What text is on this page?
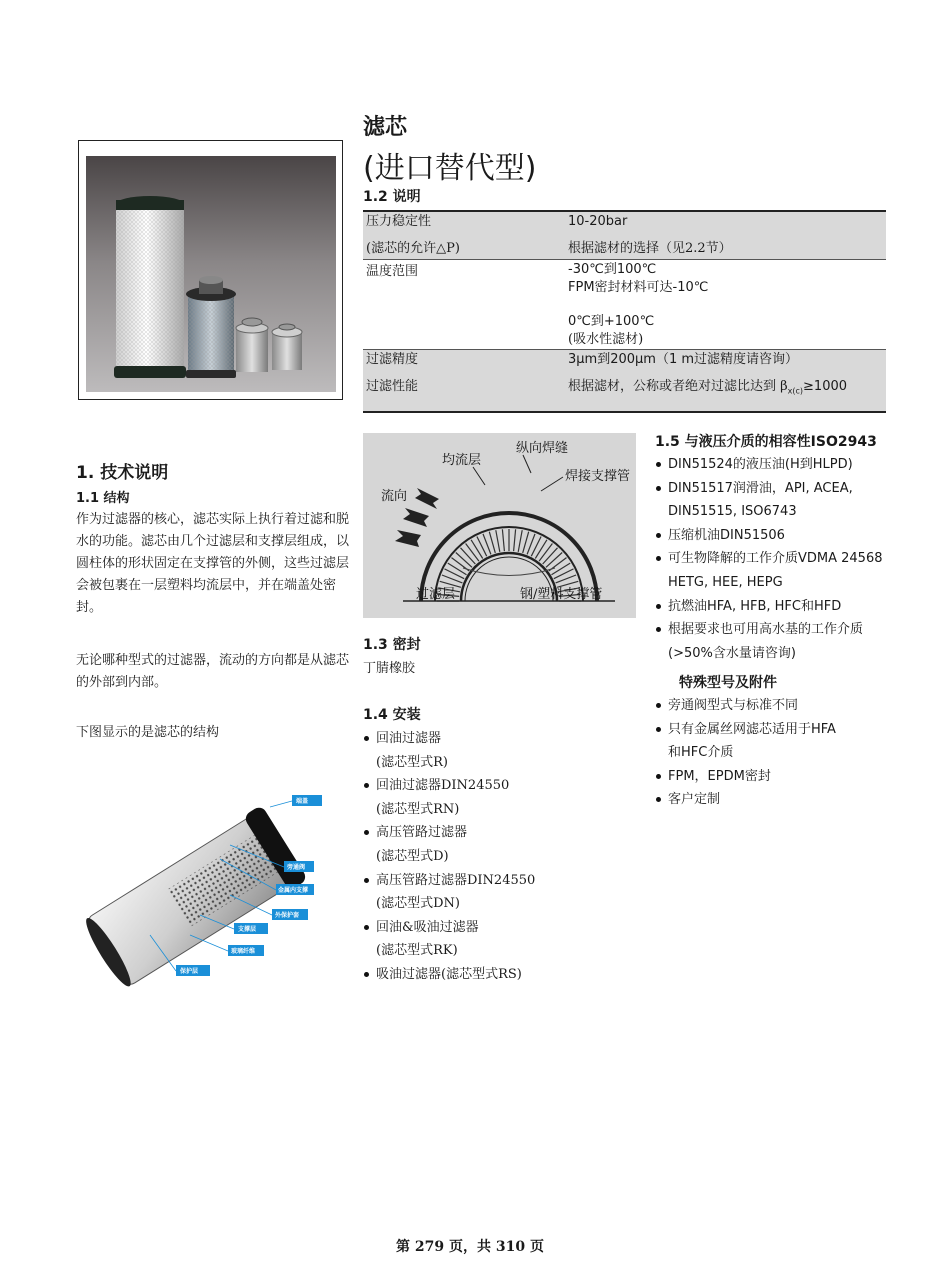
滤芯
(进口替代型)
1.2 说明
压力稳定性	10-20bar
(滤芯的允许△P)	根据滤材的选择（见2.2节）
温度范围	-30℃到100℃
FPM密封材料可达-10℃
0℃到+100℃
(吸水性滤材)

过滤精度	3μm到200μm（1 m过滤精度请咨询）
过滤性能	根据滤材，公称或者绝对过滤比达到 $\beta_{x(c)}\ge 1000$
1. 技术说明
1.1 结构
作为过滤器的核心，滤芯实际上执行着过滤和脱水的功能。滤芯由几个过滤层和支撑层组成，以圆柱体的形状固定在支撑管的外侧，这些过滤层会被包裹在一层塑料均流层中，并在端盖处密封。
无论哪种型式的过滤器，流动的方向都是从滤芯的外部到内部。
下图显示的是滤芯的结构
纵向焊缝
均流层
焊接支撑管
流向
过滤层	钢/塑料支撑管
1.3 密封
丁腈橡胶
1.4 安装
回油过滤器
(滤芯型式R)
回油过滤器DIN24550
(滤芯型式RN)
高压管路过滤器
(滤芯型式D)
高压管路过滤器DIN24550
(滤芯型式DN)
回油&吸油过滤器
(滤芯型式RK)
吸油过滤器(滤芯型式RS)
1.5 与液压介质的相容性ISO2943
DIN51524的液压油(H到HLPD)
DIN51517润滑油，API, ACEA,
DIN51515, ISO6743
压缩机油DIN51506
可生物降解的工作介质VDMA 24568
HETG, HEE, HEPG
抗燃油HFA, HFB, HFC和HFD
根据要求也可用高水基的工作介质
(>50%含水量请咨询)
特殊型号及附件
旁通阀型式与标准不同
只有金属丝网滤芯适用于HFA
和HFC介质
FPM，EPDM密封
客户定制
端盖
旁通阀
金属内支撑
外保护套
支撑层
玻璃纤维
保护层
第 279 页，共 310 页
